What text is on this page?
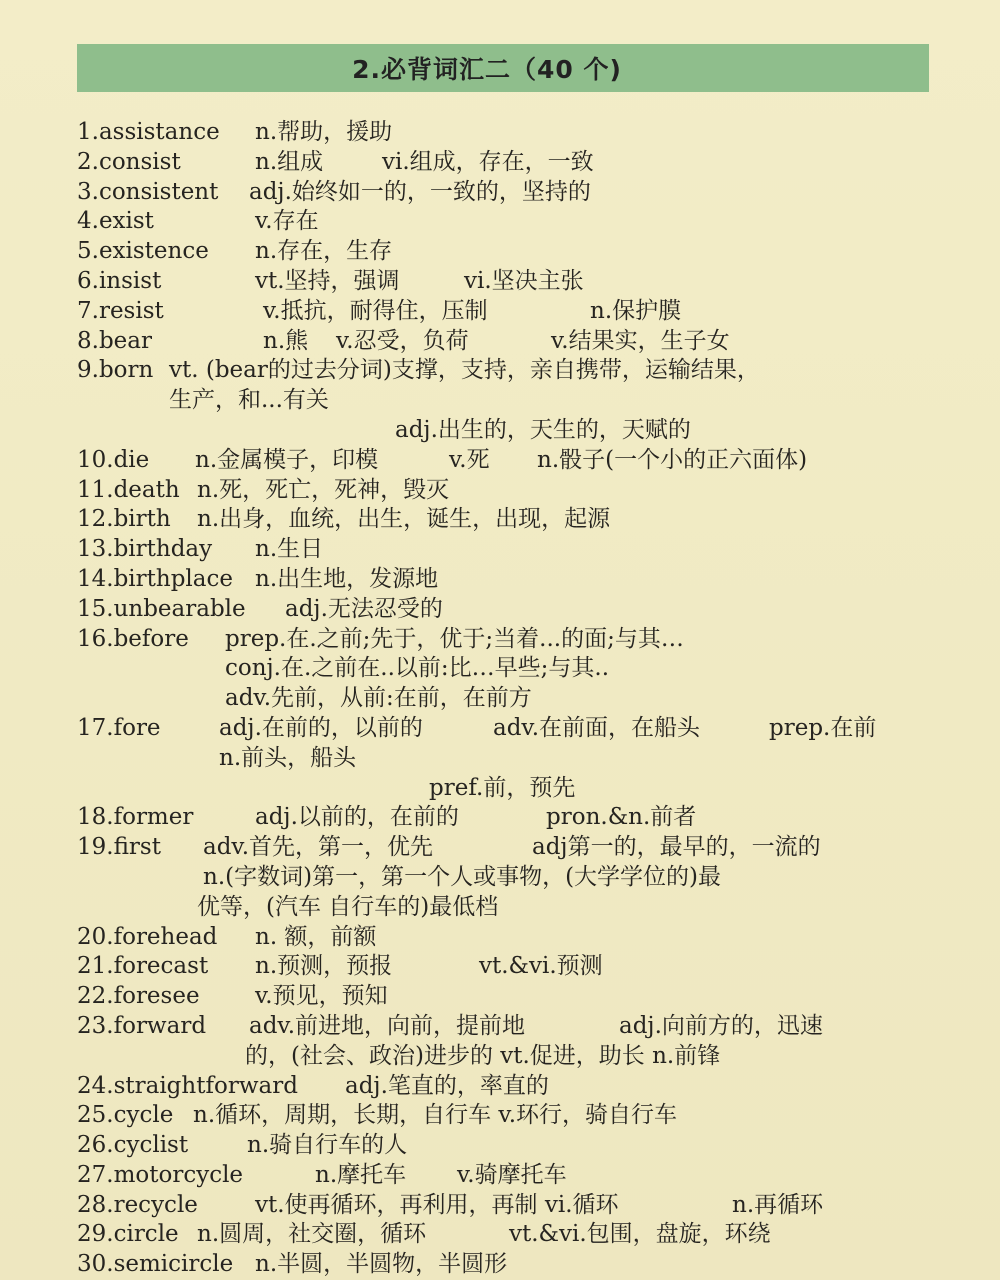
2.必背词汇二（40 个)
1.assistance n.帮助，援助
2.consist	n.组成	vi.组成，存在，一致
3.consistent adj.始终如一的，一致的，坚持的
4.exist	v.存在
5.existence n.存在，生存
6.insist	vt.坚持，强调	vi.坚决主张
7.resist	v.抵抗，耐得住，压制	n.保护膜
8.bear	n.熊 v.忍受，负荷	v.结果实，生子女
9.born vt. (bear的过去分词)支撑，支持，亲自携带，运输结果，
生产，和...有关
adj.出生的，天生的，天赋的
10.die n.金属模子，印模	v.死 n.骰子(一个小的正六面体)
11.death n.死，死亡，死神，毁灭
12.birth n.出身，血统，出生，诞生，出现，起源
13.birthday n.生日
14.birthplace n.出生地，发源地
15.unbearable adj.无法忍受的
16.before prep.在.之前;先于，优于;当着...的面;与其…
conj.在.之前在..以前:比…早些;与其..
adv.先前，从前:在前，在前方
17.fore	adj.在前的，以前的	adv.在前面，在船头	prep.在前
n.前头，船头
pref.前，预先
18.former	adj.以前的，在前的	pron.&n.前者
19.first adv.首先，第一，优先	adj第一的，最早的，一流的
n.(字数词)第一，第一个人或事物，(大学学位的)最
优等，(汽车 自行车的)最低档
20.forehead n. 额，前额
21.forecast n.预测，预报	vt.&vi.预测
22.foresee v.预见，预知
23.forward adv.前进地，向前，提前地	adj.向前方的，迅速
的，(社会、政治)进步的 vt.促进，助长 n.前锋
24.straightforward adj.笔直的，率直的
25.cycle n.循环，周期，长期，自行车 v.环行，骑自行车
26.cyclist	n.骑自行车的人
27.motorcycle	n.摩托车 v.骑摩托车
28.recycle vt.使再循环，再利用，再制 vi.循环	n.再循环
29.circle n.圆周，社交圈，循环	vt.&vi.包围，盘旋，环绕
30.semicircle n.半圆，半圆物，半圆形
